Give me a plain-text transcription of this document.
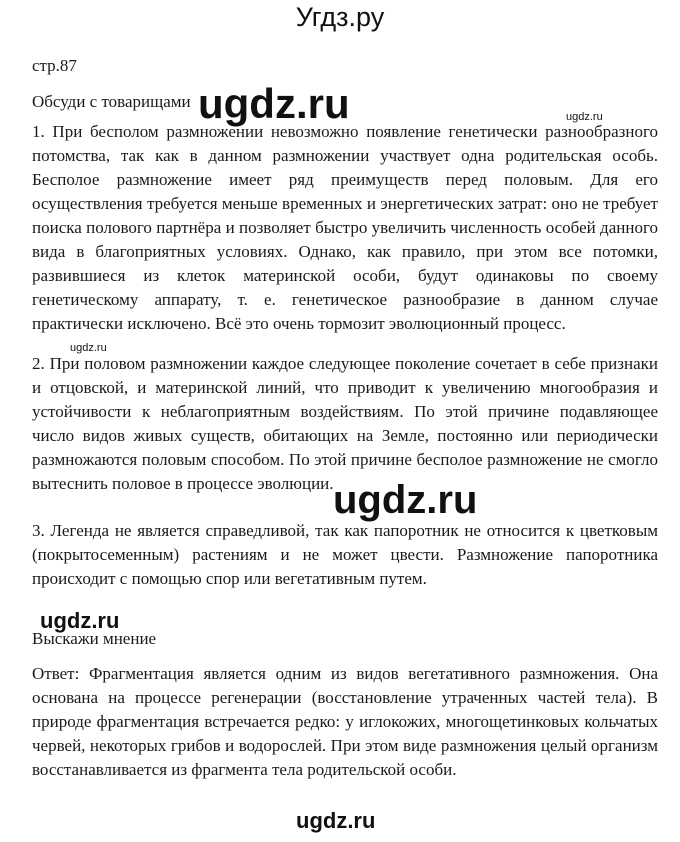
Угдз.ру
стр.87
Обсуди с товарищами ugdz.ru	ugdz.ru
1. При бесполом размножении невозможно появление генетически разнообразного потомства, так как в данном размножении участвует одна родительская особь. Бесполое размножение имеет ряд преимуществ перед половым. Для его осуществления требуется меньше временных и энергетических затрат: оно не требует поиска полового партнёра и позволяет быстро увеличить численность особей данного вида в благоприятных условиях. Однако, как правило, при этом все потомки, развившиеся из клеток материнской особи, будут одинаковы по своему генетическому аппарату, т. е. генетическое разнообразие в данном случае практически исключено. Всё это очень тормозит эволюционный процесс.
ugdz.ru
2. При половом размножении каждое следующее поколение сочетает в себе признаки и отцовской, и материнской линий, что приводит к увеличению многообразия и устойчивости к неблагоприятным воздействиям. По этой причине подавляющее число видов живых существ, обитающих на Земле, постоянно или периодически размножаются половым способом. По этой причине бесполое размножение не смогло вытеснить половое в процессе эволюции. ugdz.ru
3. Легенда не является справедливой, так как папоротник не относится к цветковым (покрытосеменным) растениям и не может цвести. Размножение папоротника происходит с помощью спор или вегетативным путем.
ugdz.ru
Выскажи мнение
Ответ: Фрагментация является одним из видов вегетативного размножения. Она основана на процессе регенерации (восстановление утраченных частей тела). В природе фрагментация встречается редко: у иглокожих, многощетинковых кольчатых червей, некоторых грибов и водорослей. При этом виде размножения целый организм восстанавливается из фрагмента тела родительской особи.
ugdz.ru
